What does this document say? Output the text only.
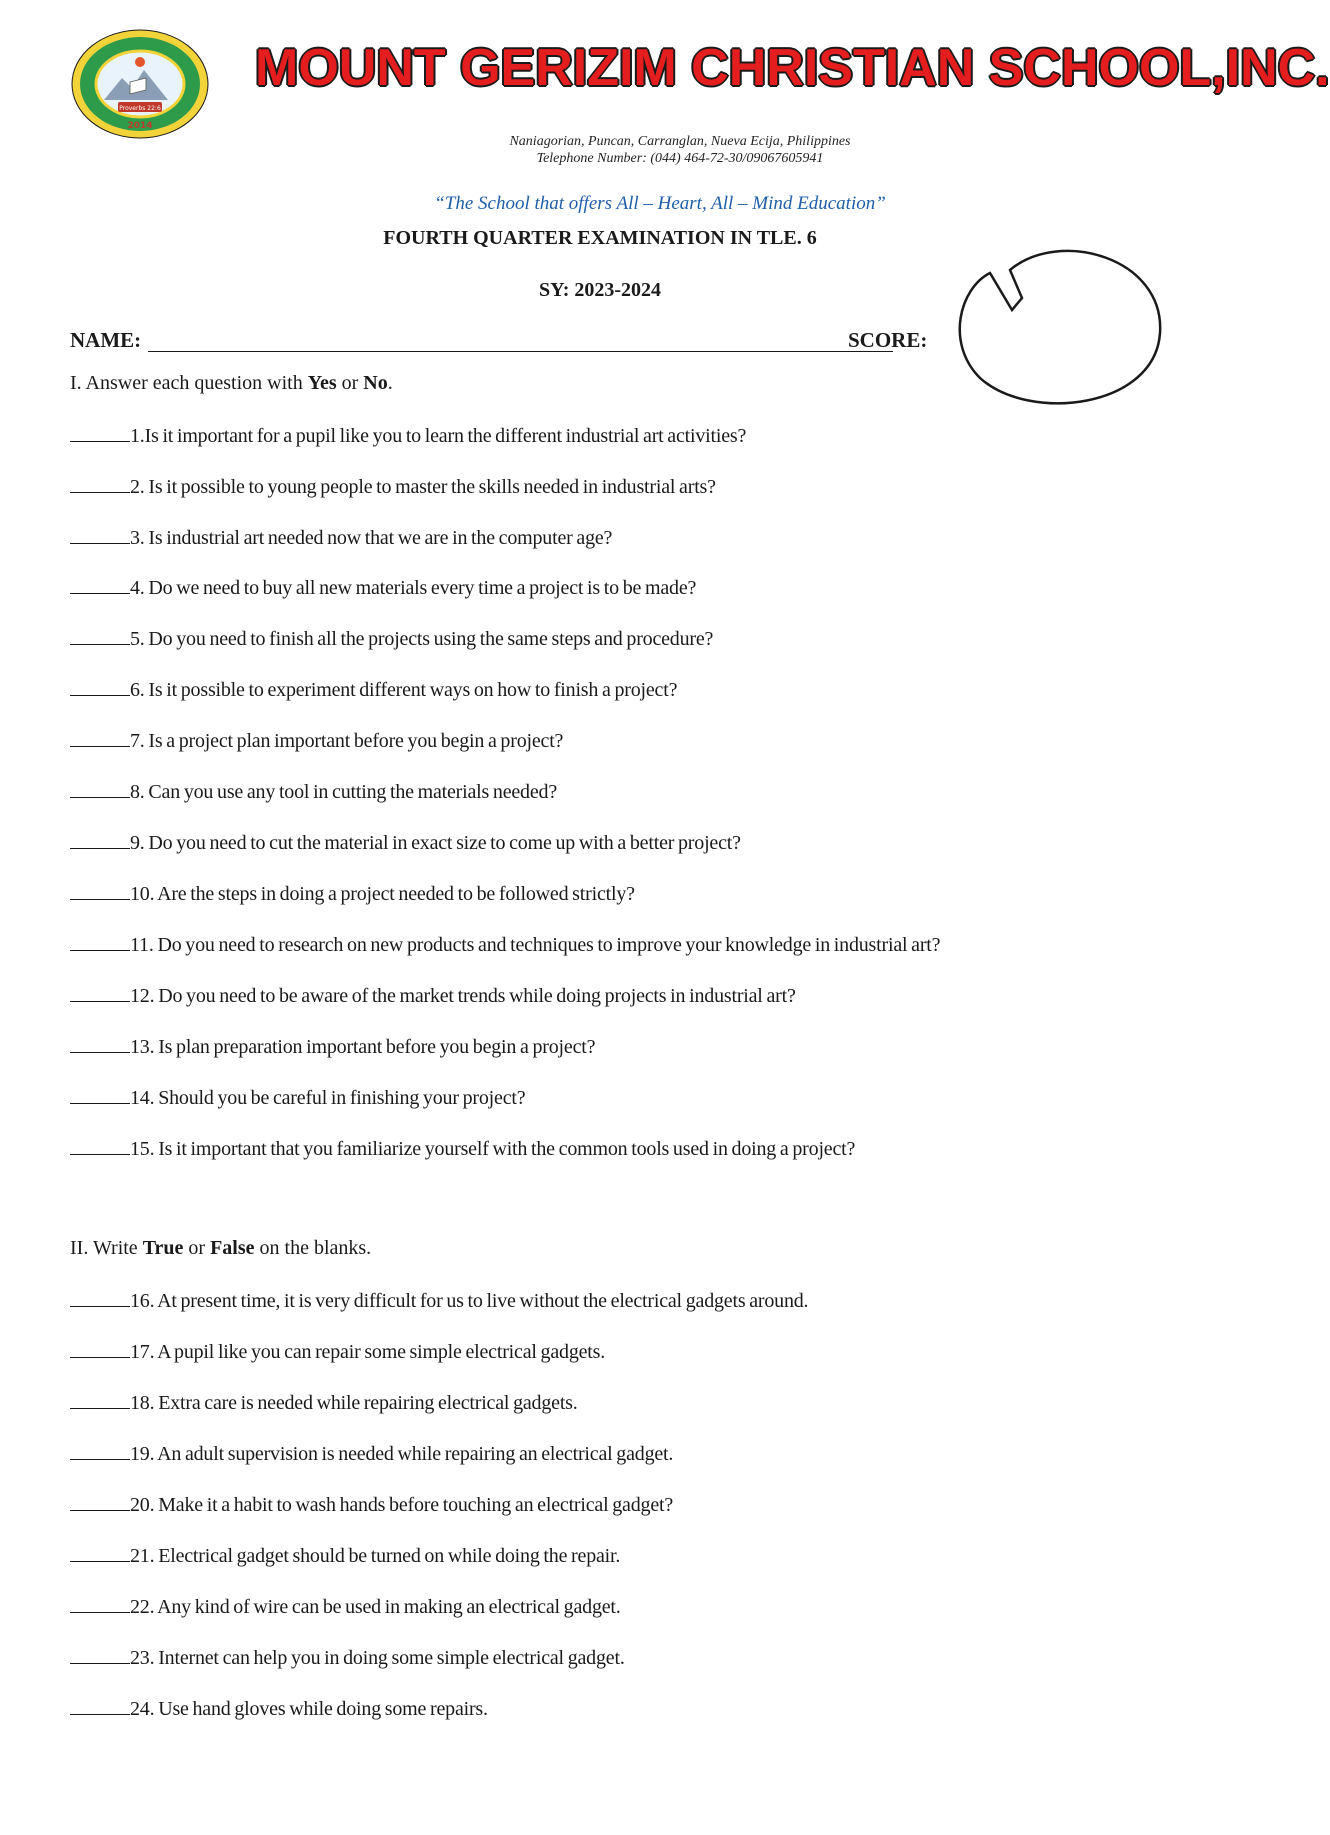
Proverbs 22:6
2014
MOUNT GERIZIM CHRISTIAN SCHOOL,INC.
Naniagorian, Puncan, Carranglan, Nueva Ecija, Philippines
Telephone Number: (044) 464-72-30/09067605941
“The School that offers All – Heart, All – Mind Education”
FOURTH QUARTER EXAMINATION IN TLE. 6
SY: 2023-2024
NAME:	SCORE:
I. Answer each question with Yes or No.
1.Is it important for a pupil like you to learn the different industrial art activities?
2. Is it possible to young people to master the skills needed in industrial arts?
3. Is industrial art needed now that we are in the computer age?
4. Do we need to buy all new materials every time a project is to be made?
5. Do you need to finish all the projects using the same steps and procedure?
6. Is it possible to experiment different ways on how to finish a project?
7. Is a project plan important before you begin a project?
8. Can you use any tool in cutting the materials needed?
9. Do you need to cut the material in exact size to come up with a better project?
10. Are the steps in doing a project needed to be followed strictly?
11. Do you need to research on new products and techniques to improve your knowledge in industrial art?
12. Do you need to be aware of the market trends while doing projects in industrial art?
13. Is plan preparation important before you begin a project?
14. Should you be careful in finishing your project?
15. Is it important that you familiarize yourself with the common tools used in doing a project?
II. Write True or False on the blanks.
16. At present time, it is very difficult for us to live without the electrical gadgets around.
17. A pupil like you can repair some simple electrical gadgets.
18. Extra care is needed while repairing electrical gadgets.
19. An adult supervision is needed while repairing an electrical gadget.
20. Make it a habit to wash hands before touching an electrical gadget?
21. Electrical gadget should be turned on while doing the repair.
22. Any kind of wire can be used in making an electrical gadget.
23. Internet can help you in doing some simple electrical gadget.
24. Use hand gloves while doing some repairs.
